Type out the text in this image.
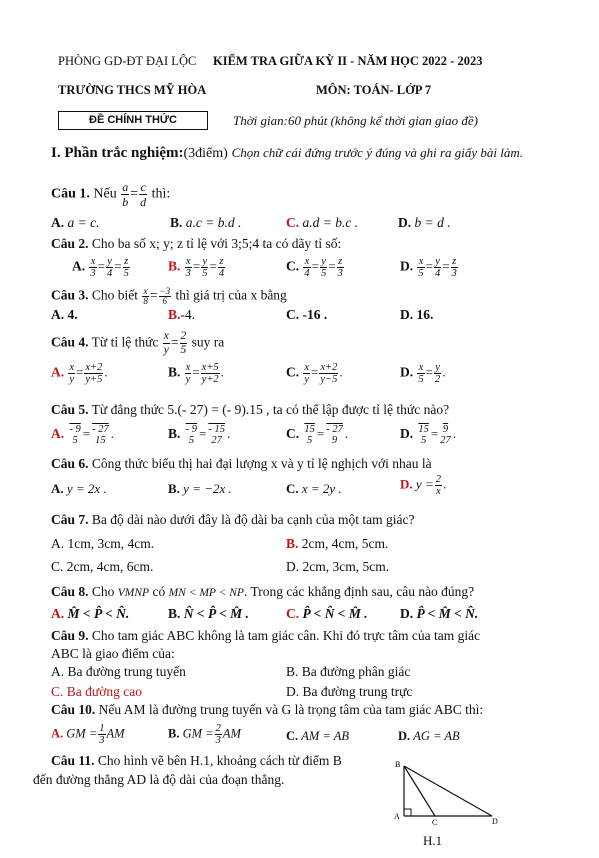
PHÒNG GD-ĐT ĐẠI LỘC KIỂM TRA GIỮA KỲ II - NĂM HỌC 2022 - 2023
TRƯỜNG THCS MỸ HÒA	MÔN: TOÁN- LỚP 7
ĐỀ CHÍNH THỨC	Thời gian:60 phút (không kể thời gian giao đề)
I. Phần trắc nghiệm:(3điểm) Chọn chữ cái đứng trước ý đúng và ghi ra giấy bài làm.
Câu 1. Nếu $\frac{a}{b} = \frac{c}{d}$ thì:
A. a = c.	B. a.c = b.d .	C. a.d = b.c .	D. b = d .
Câu 2. Cho ba số x; y; z tỉ lệ với 3;5;4 ta có dãy tỉ số:
A. $\frac{x}{3} = \frac{y}{4} = \frac{z}{5}$	B. $\frac{x}{3} = \frac{y}{5} = \frac{z}{4}$	C. $\frac{x}{4} = \frac{y}{5} = \frac{z}{3}$	D. $\frac{x}{5} = \frac{y}{4} = \frac{z}{3}$
Câu 3. Cho biết $\frac{x}{8} = \frac{-3}{6}$ thì giá trị của x bằng
A. 4.	B.-4.	C. -16 .	D. 16.
Câu 4. Từ tỉ lệ thức $\frac{x}{y} = \frac{2}{5}$ suy ra
A. $\frac{x}{y} = \frac{x+2}{y+5}$ .	B. $\frac{x}{y} = \frac{x+5}{y+2}$ .	C. $\frac{x}{y} = \frac{x+2}{y-5}$ .	D. $\frac{x}{5} = \frac{y}{2}$ .
Câu 5. Từ đẳng thức 5.(- 27) = (- 9).15 , ta có thể lập được tỉ lệ thức nào?
A. - 9
5 = - 27
15 .	B. - 9
5 = - 15
27 .	C. 15
5 = - 27
9 .	D. 15
5 = 9
27 .
Câu 6. Công thức biểu thị hai đại lượng x và y tỉ lệ nghịch với nhau là
A. y = 2x .	B. y = −2x .	C. x = 2y .	D. $y = \frac{2}{x}$ .
Câu 7. Ba độ dài nào dưới đây là độ dài ba cạnh của một tam giác?
A. 1cm, 3cm, 4cm.	B. 2cm, 4cm, 5cm.
C. 2cm, 4cm, 6cm.	D. 2cm, 3cm, 5cm.
Câu 8. Cho VMNP có MN < MP < NP. Trong các khẳng định sau, câu nào đúng?
A. M̂ < P̂ < N̂.	B. N̂ < P̂ < M̂ .	C. P̂ < N̂ < M̂ . D. P̂ < M̂ < N̂.
Câu 9. Cho tam giác ABC không là tam giác cân. Khi đó trực tâm của tam giác
ABC là giao điểm của:
A. Ba đường trung tuyến	B. Ba đường phân giác
C. Ba đường cao	D. Ba đường trung trực
Câu 10. Nếu AM là đường trung tuyến và G là trọng tâm của tam giác ABC thì:
A. GM = $\frac{1}{3}$ AM	B. GM = $\frac{2}{3}$ AM	C. AM = AB	D. AG = AB
Câu 11. Cho hình vẽ bên H.1, khoảng cách từ điểm B
đến đường thẳng AD là độ dài của đoạn thẳng.
B
A
C	D
H.1
